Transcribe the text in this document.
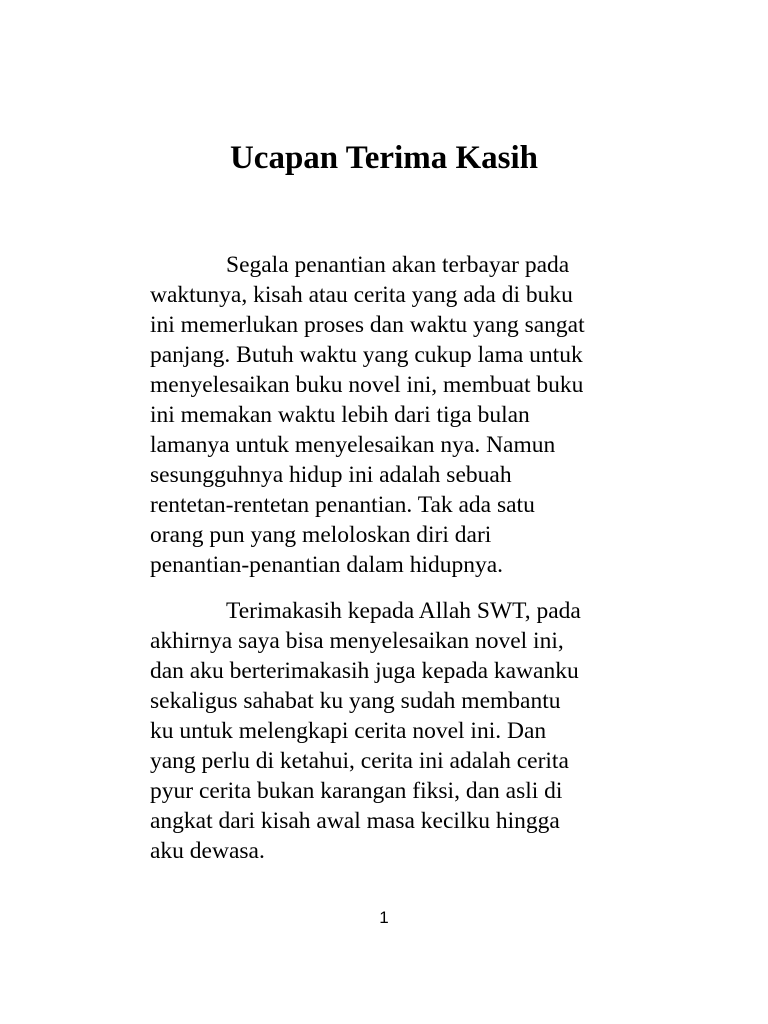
Ucapan Terima Kasih

Segala penantian akan terbayar pada
waktunya, kisah atau cerita yang ada di buku
ini memerlukan proses dan waktu yang sangat
panjang. Butuh waktu yang cukup lama untuk
menyelesaikan buku novel ini, membuat buku
ini memakan waktu lebih dari tiga bulan
lamanya untuk menyelesaikan nya. Namun
sesungguhnya hidup ini adalah sebuah
rentetan-rentetan penantian. Tak ada satu
orang pun yang meloloskan diri dari
penantian-penantian dalam hidupnya.

Terimakasih kepada Allah SWT, pada
akhirnya saya bisa menyelesaikan novel ini,
dan aku berterimakasih juga kepada kawanku
sekaligus sahabat ku yang sudah membantu
ku untuk melengkapi cerita novel ini. Dan
yang perlu di ketahui, cerita ini adalah cerita
pyur cerita bukan karangan fiksi, dan asli di
angkat dari kisah awal masa kecilku hingga
aku dewasa.

1
